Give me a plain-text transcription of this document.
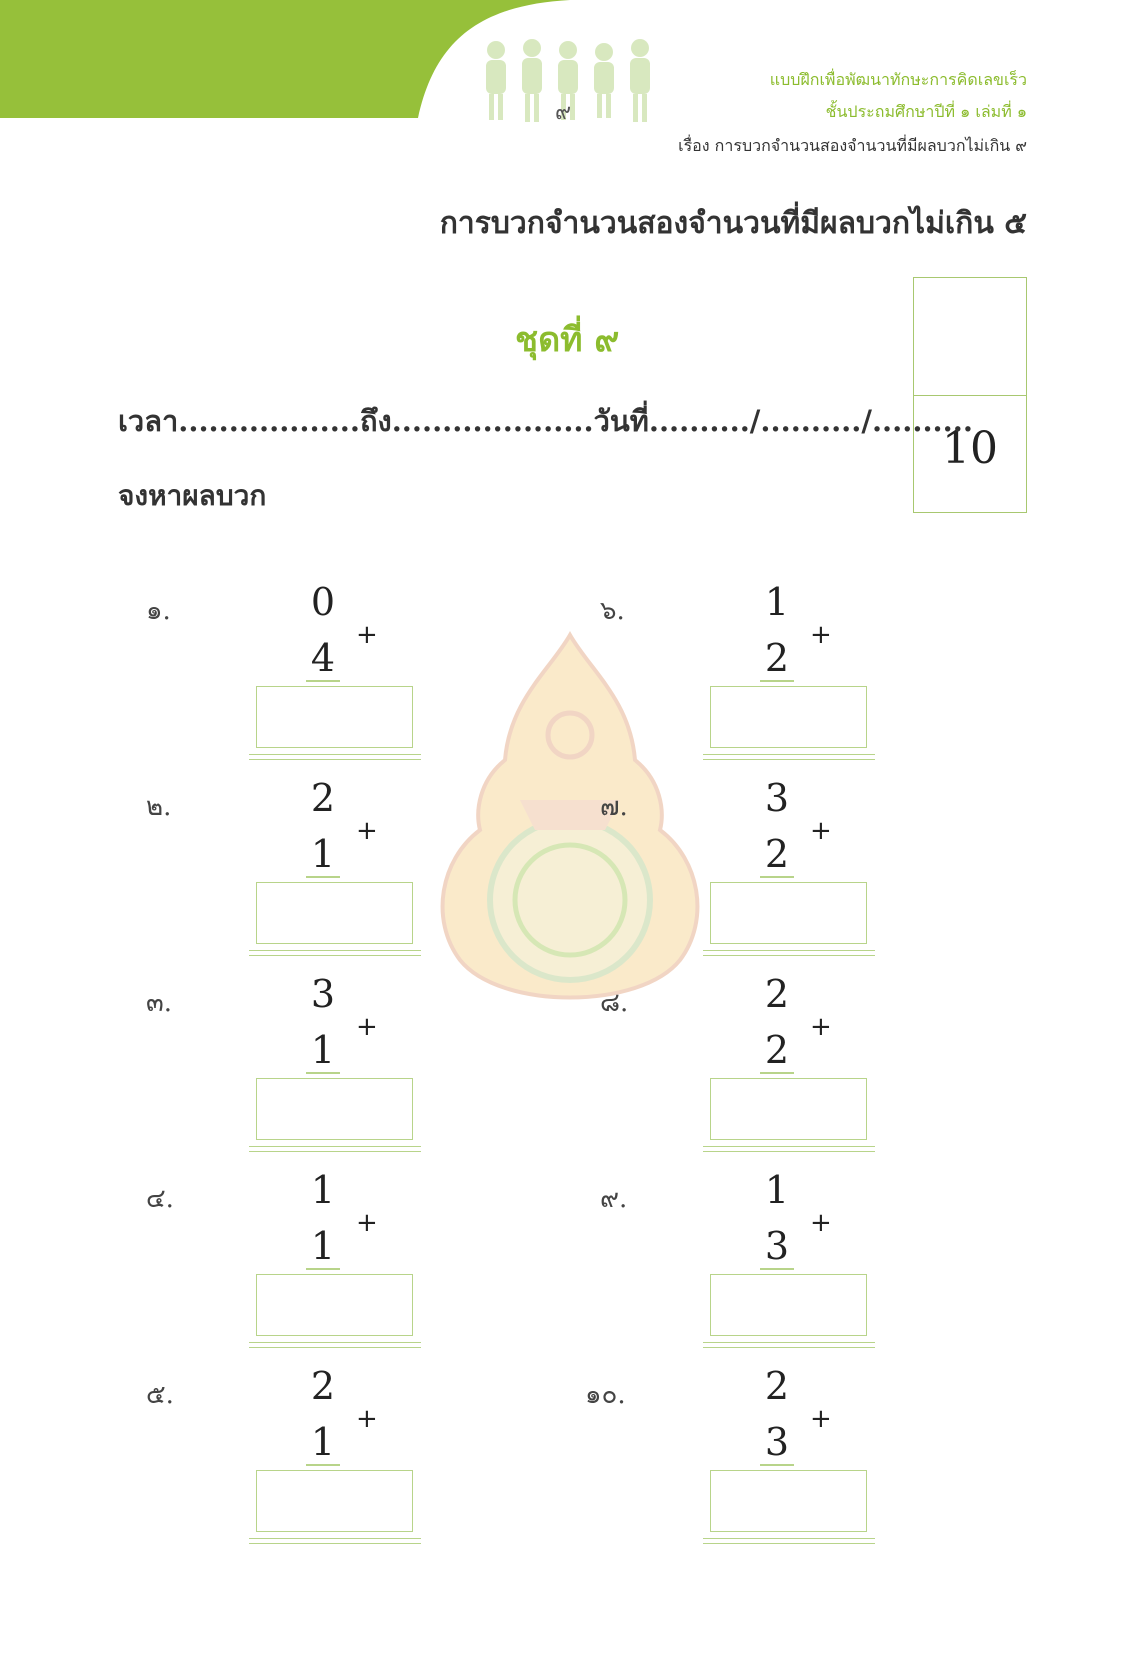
๙
แบบฝึกเพื่อพัฒนาทักษะการคิดเลขเร็ว
ชั้นประถมศึกษาปีที่ ๑ เล่มที่ ๑
เรื่อง การบวกจำนวนสองจำนวนที่มีผลบวกไม่เกิน ๙
การบวกจำนวนสองจำนวนที่มีผลบวกไม่เกิน ๕
10
ชุดที่ ๙
เวลา..................ถึง....................วันที่........../........../..........
จงหาผลบวก
๑.	0
4
+
๒.	2
1
+
๓.	3
1
+
๔.	1
1
+
๕.	2
1
+
๖.	1
2
+
๗.	3
2
+
๘.	2
2
+
๙.	1
3
+
๑๐.	2
3
+
